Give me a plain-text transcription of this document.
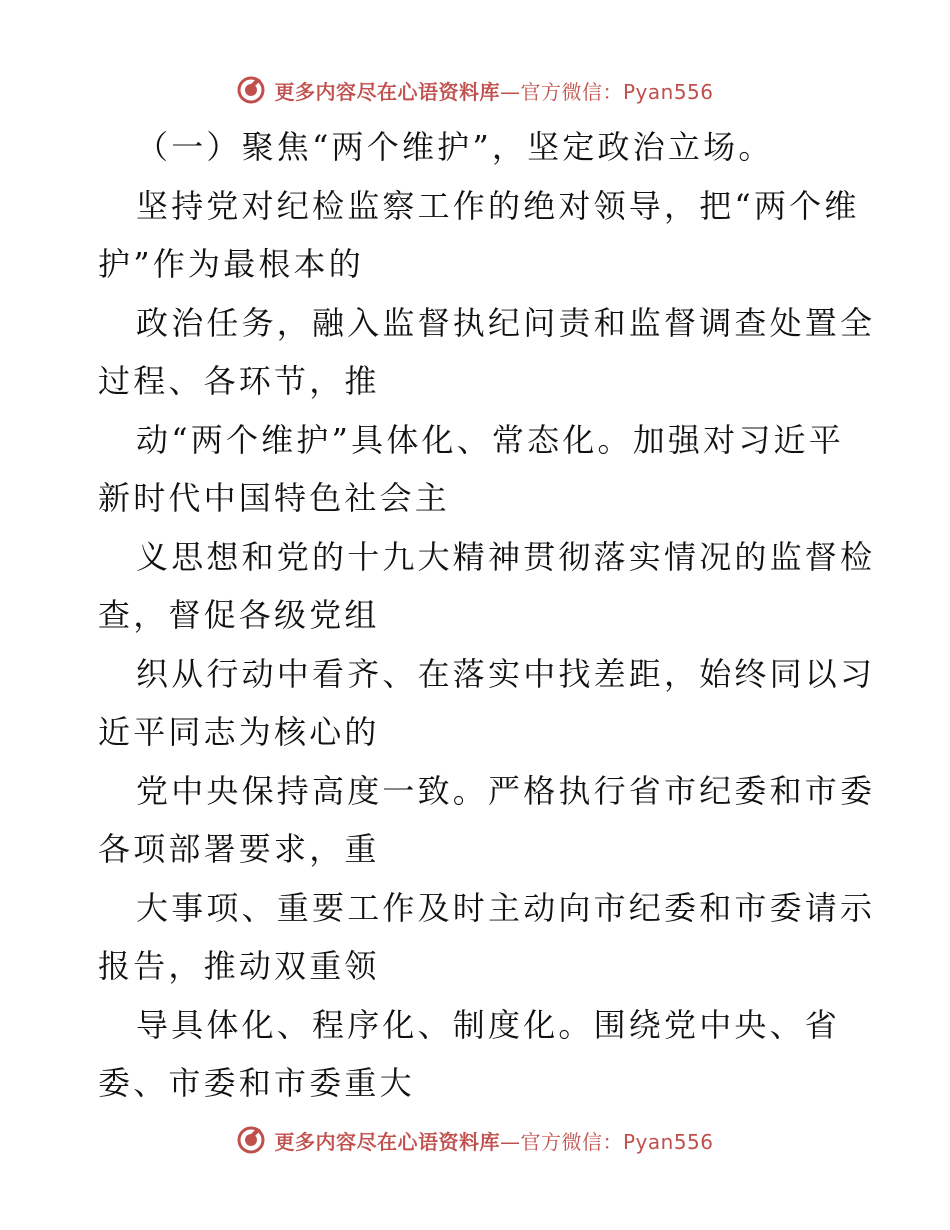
更多内容尽在心语资料库—官方微信：Pyan556
（一）聚焦“两个维护”，坚定政治立场。
坚持党对纪检监察工作的绝对领导，把“两个维
护”作为最根本的
政治任务，融入监督执纪问责和监督调查处置全
过程、各环节，推
动“两个维护”具体化、常态化。加强对习近平
新时代中国特色社会主
义思想和党的十九大精神贯彻落实情况的监督检
查，督促各级党组
织从行动中看齐、在落实中找差距，始终同以习
近平同志为核心的
党中央保持高度一致。严格执行省市纪委和市委
各项部署要求，重
大事项、重要工作及时主动向市纪委和市委请示
报告，推动双重领
导具体化、程序化、制度化。围绕党中央、省
委、市委和市委重大
更多内容尽在心语资料库—官方微信：Pyan556
